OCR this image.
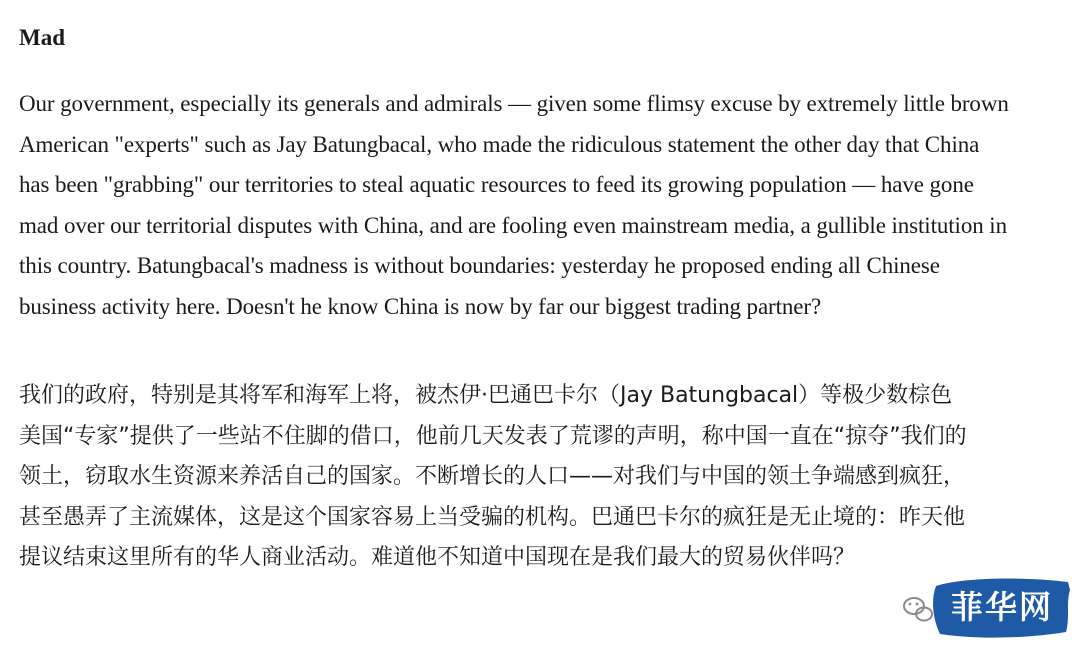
Mad

Our government, especially its generals and admirals — given some flimsy excuse by extremely little brown American "experts" such as Jay Batungbacal, who made the ridiculous statement the other day that China has been "grabbing" our territories to steal aquatic resources to feed its growing population — have gone mad over our territorial disputes with China, and are fooling even mainstream media, a gullible institution in this country. Batungbacal's madness is without boundaries: yesterday he proposed ending all Chinese business activity here. Doesn't he know China is now by far our biggest trading partner?

我们的政府，特别是其将军和海军上将，被杰伊·巴通巴卡尔（Jay Batungbacal）等极少数棕色美国“专家”提供了一些站不住脚的借口，他前几天发表了荒谬的声明，称中国一直在“掠夺”我们的领土，窃取水生资源来养活自己的国家。不断增长的人口——对我们与中国的领土争端感到疯狂，甚至愚弄了主流媒体，这是这个国家容易上当受骗的机构。巴通巴卡尔的疯狂是无止境的：昨天他提议结束这里所有的华人商业活动。难道他不知道中国现在是我们最大的贸易伙伴吗？

菲华网
